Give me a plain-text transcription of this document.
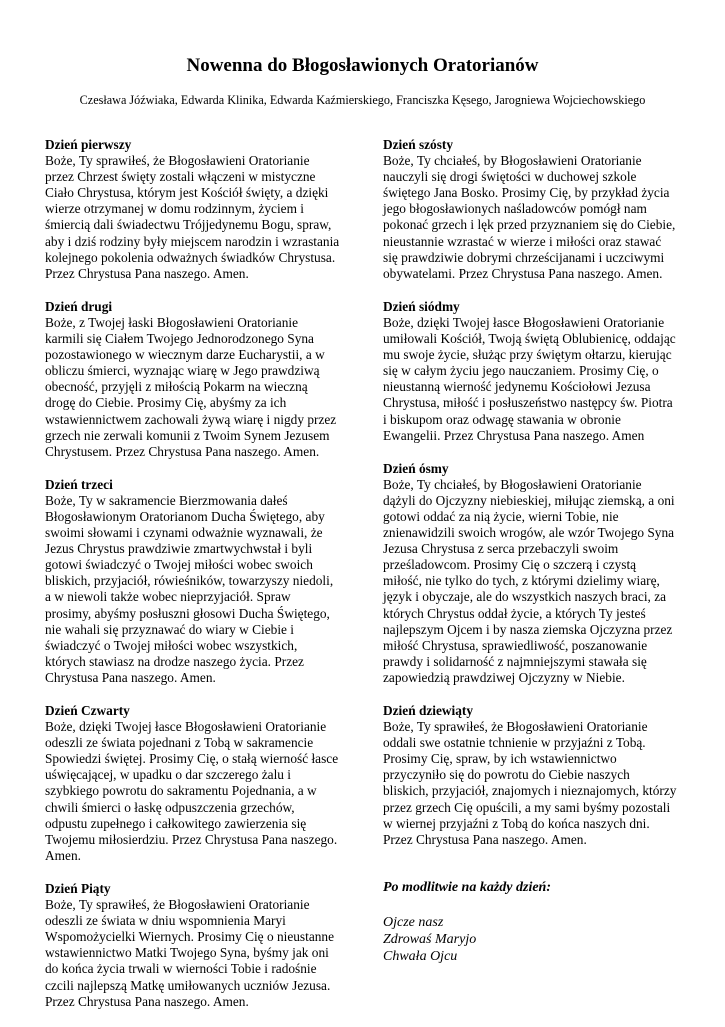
Nowenna do Błogosławionych Oratorianów
Czesława Jóźwiaka, Edwarda Klinika, Edwarda Kaźmierskiego, Franciszka Kęsego, Jarogniewa Wojciechowskiego
Dzień pierwszy
Boże, Ty sprawiłeś, że Błogosławieni Oratorianie
przez Chrzest święty zostali włączeni w mistyczne
Ciało Chrystusa, którym jest Kościół święty, a dzięki
wierze otrzymanej w domu rodzinnym, życiem i
śmiercią dali świadectwu Trójjedynemu Bogu, spraw,
aby i dziś rodziny były miejscem narodzin i wzrastania
kolejnego pokolenia odważnych świadków Chrystusa.
Przez Chrystusa Pana naszego. Amen.
Dzień drugi
Boże, z Twojej łaski Błogosławieni Oratorianie
karmili się Ciałem Twojego Jednorodzonego Syna
pozostawionego w wiecznym darze Eucharystii, a w
obliczu śmierci, wyznając wiarę w Jego prawdziwą
obecność, przyjęli z miłością Pokarm na wieczną
drogę do Ciebie. Prosimy Cię, abyśmy za ich
wstawiennictwem zachowali żywą wiarę i nigdy przez
grzech nie zerwali komunii z Twoim Synem Jezusem
Chrystusem. Przez Chrystusa Pana naszego. Amen.
Dzień trzeci
Boże, Ty w sakramencie Bierzmowania dałeś
Błogosławionym Oratorianom Ducha Świętego, aby
swoimi słowami i czynami odważnie wyznawali, że
Jezus Chrystus prawdziwie zmartwychwstał i byli
gotowi świadczyć o Twojej miłości wobec swoich
bliskich, przyjaciół, rówieśników, towarzyszy niedoli,
a w niewoli także wobec nieprzyjaciół. Spraw
prosimy, abyśmy posłuszni głosowi Ducha Świętego,
nie wahali się przyznawać do wiary w Ciebie i
świadczyć o Twojej miłości wobec wszystkich,
których stawiasz na drodze naszego życia. Przez
Chrystusa Pana naszego. Amen.
Dzień Czwarty
Boże, dzięki Twojej łasce Błogosławieni Oratorianie
odeszli ze świata pojednani z Tobą w sakramencie
Spowiedzi świętej. Prosimy Cię, o stałą wierność łasce
uświęcającej, w upadku o dar szczerego żalu i
szybkiego powrotu do sakramentu Pojednania, a w
chwili śmierci o łaskę odpuszczenia grzechów,
odpustu zupełnego i całkowitego zawierzenia się
Twojemu miłosierdziu. Przez Chrystusa Pana naszego.
Amen.
Dzień Piąty
Boże, Ty sprawiłeś, że Błogosławieni Oratorianie
odeszli ze świata w dniu wspomnienia Maryi
Wspomożycielki Wiernych. Prosimy Cię o nieustanne
wstawiennictwo Matki Twojego Syna, byśmy jak oni
do końca życia trwali w wierności Tobie i radośnie
czcili najlepszą Matkę umiłowanych uczniów Jezusa.
Przez Chrystusa Pana naszego. Amen.
Dzień szósty
Boże, Ty chciałeś, by Błogosławieni Oratorianie
nauczyli się drogi świętości w duchowej szkole
świętego Jana Bosko. Prosimy Cię, by przykład życia
jego błogosławionych naśladowców pomógł nam
pokonać grzech i lęk przed przyznaniem się do Ciebie,
nieustannie wzrastać w wierze i miłości oraz stawać
się prawdziwie dobrymi chrześcijanami i uczciwymi
obywatelami. Przez Chrystusa Pana naszego. Amen.
Dzień siódmy
Boże, dzięki Twojej łasce Błogosławieni Oratorianie
umiłowali Kościół, Twoją świętą Oblubienicę, oddając
mu swoje życie, służąc przy świętym ołtarzu, kierując
się w całym życiu jego nauczaniem. Prosimy Cię, o
nieustanną wierność jedynemu Kościołowi Jezusa
Chrystusa, miłość i posłuszeństwo następcy św. Piotra
i biskupom oraz odwagę stawania w obronie
Ewangelii. Przez Chrystusa Pana naszego. Amen
Dzień ósmy
Boże, Ty chciałeś, by Błogosławieni Oratorianie
dążyli do Ojczyzny niebieskiej, miłując ziemską, a oni
gotowi oddać za nią życie, wierni Tobie, nie
znienawidzili swoich wrogów, ale wzór Twojego Syna
Jezusa Chrystusa z serca przebaczyli swoim
prześladowcom. Prosimy Cię o szczerą i czystą
miłość, nie tylko do tych, z którymi dzielimy wiarę,
język i obyczaje, ale do wszystkich naszych braci, za
których Chrystus oddał życie, a których Ty jesteś
najlepszym Ojcem i by nasza ziemska Ojczyzna przez
miłość Chrystusa, sprawiedliwość, poszanowanie
prawdy i solidarność z najmniejszymi stawała się
zapowiedzią prawdziwej Ojczyzny w Niebie.
Dzień dziewiąty
Boże, Ty sprawiłeś, że Błogosławieni Oratorianie
oddali swe ostatnie tchnienie w przyjaźni z Tobą.
Prosimy Cię, spraw, by ich wstawiennictwo
przyczyniło się do powrotu do Ciebie naszych
bliskich, przyjaciół, znajomych i nieznajomych, którzy
przez grzech Cię opuścili, a my sami byśmy pozostali
w wiernej przyjaźni z Tobą do końca naszych dni.
Przez Chrystusa Pana naszego. Amen.
Po modlitwie na każdy dzień:
Ojcze nasz
Zdrowaś Maryjo
Chwała Ojcu
